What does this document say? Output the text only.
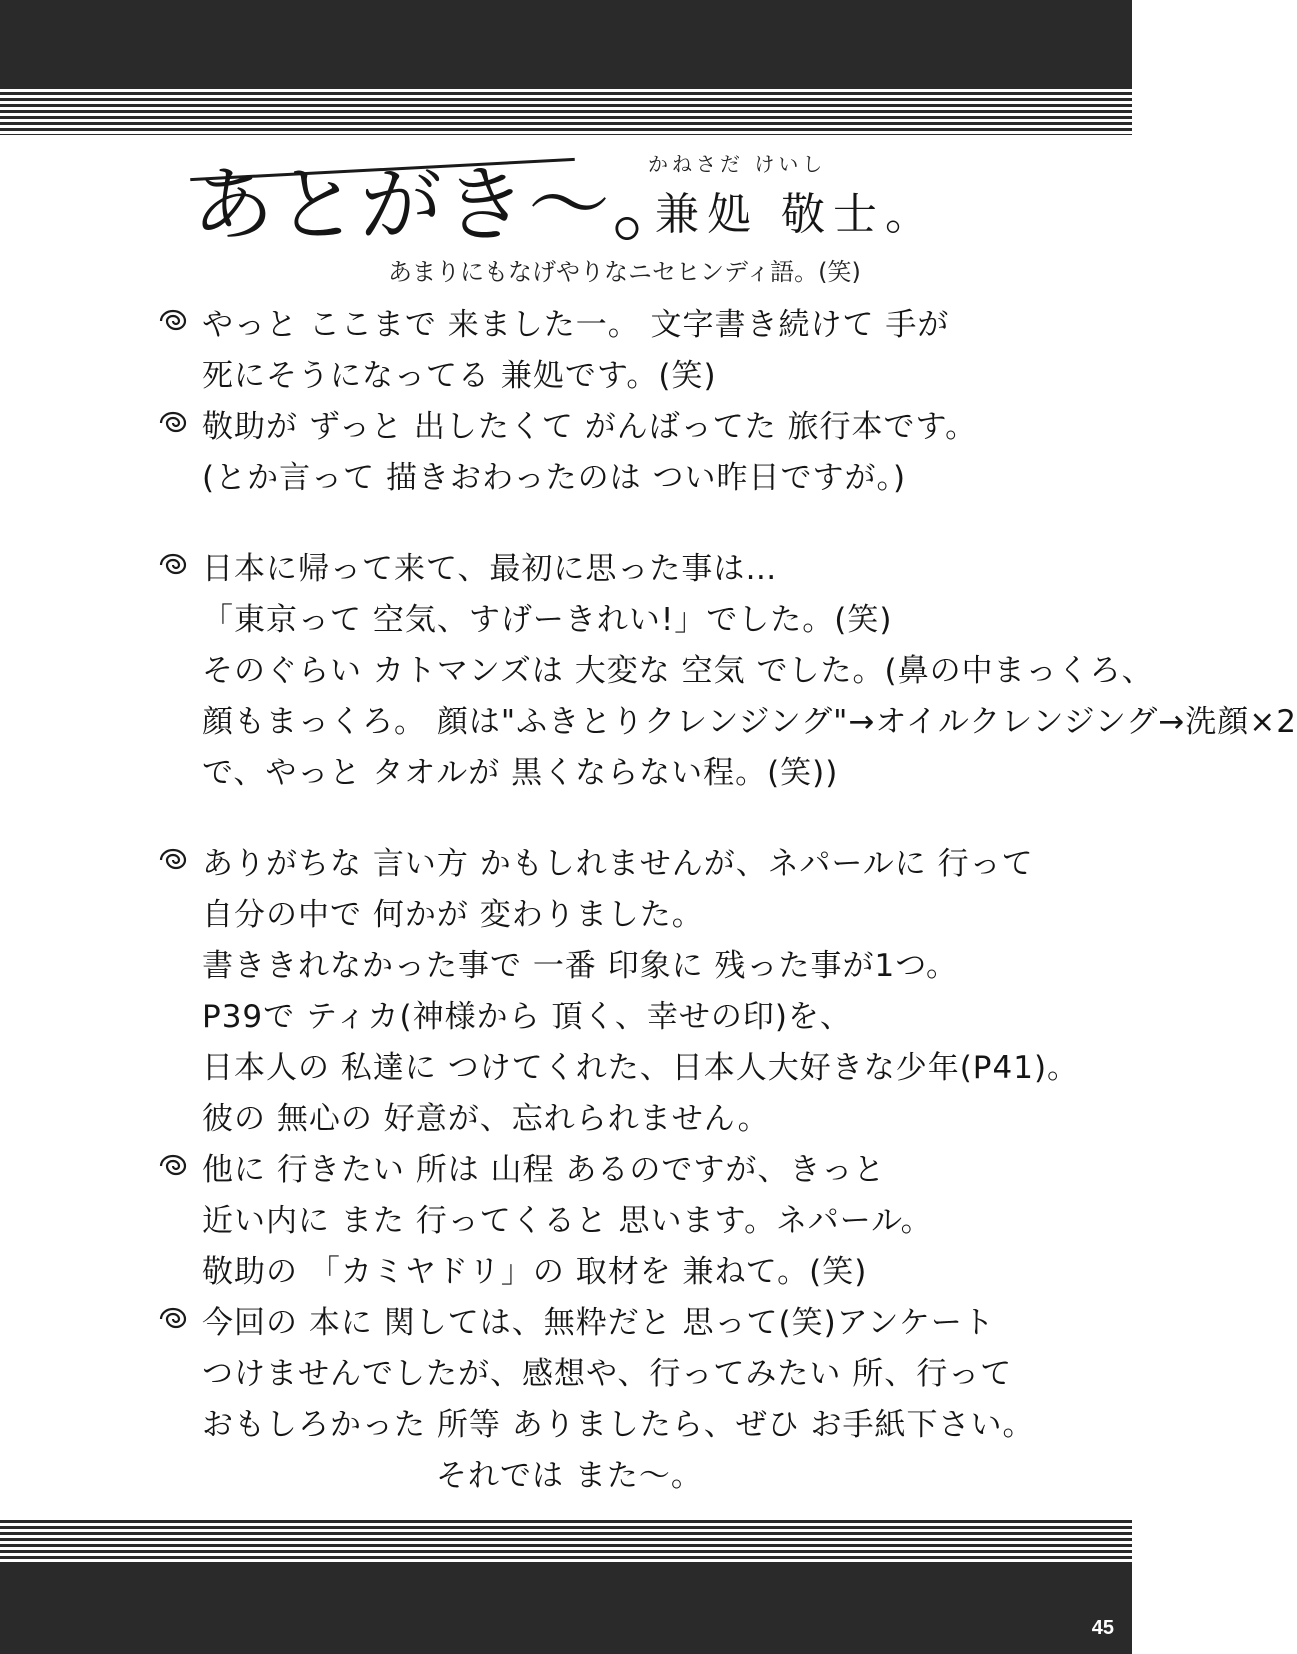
あとがき〜。
かねさだ けいし
兼処 敬士。
あまりにもなげやりなニセヒンディ語。(笑)
やっと ここまで 来ました一。 文字書き続けて 手が
死にそうになってる 兼処です。(笑)
敬助が ずっと 出したくて がんばってた 旅行本です。
(とか言って 描きおわったのは つい昨日ですが。)
日本に帰って来て、最初に思った事は…
「東京って 空気、すげーきれい!」でした。(笑)
そのぐらい カトマンズは 大変な 空気 でした。(鼻の中まっくろ、
顔もまっくろ。 顔は"ふきとりクレンジング"→オイルクレンジング→洗顔×2
で、やっと タオルが 黒くならない程。(笑))
ありがちな 言い方 かもしれませんが、ネパールに 行って
自分の中で 何かが 変わりました。
書ききれなかった事で 一番 印象に 残った事が1つ。
P39で ティカ(神様から 頂く、幸せの印)を、
日本人の 私達に つけてくれた、日本人大好きな少年(P41)。
彼の 無心の 好意が、忘れられません。
他に 行きたい 所は 山程 あるのですが、きっと
近い内に また 行ってくると 思います。ネパール。
敬助の 「カミヤドリ」の 取材を 兼ねて。(笑)
今回の 本に 関しては、無粋だと 思って(笑)アンケート
つけませんでしたが、感想や、行ってみたい 所、行って
おもしろかった 所等 ありましたら、ぜひ お手紙下さい。
それでは また〜。
45
